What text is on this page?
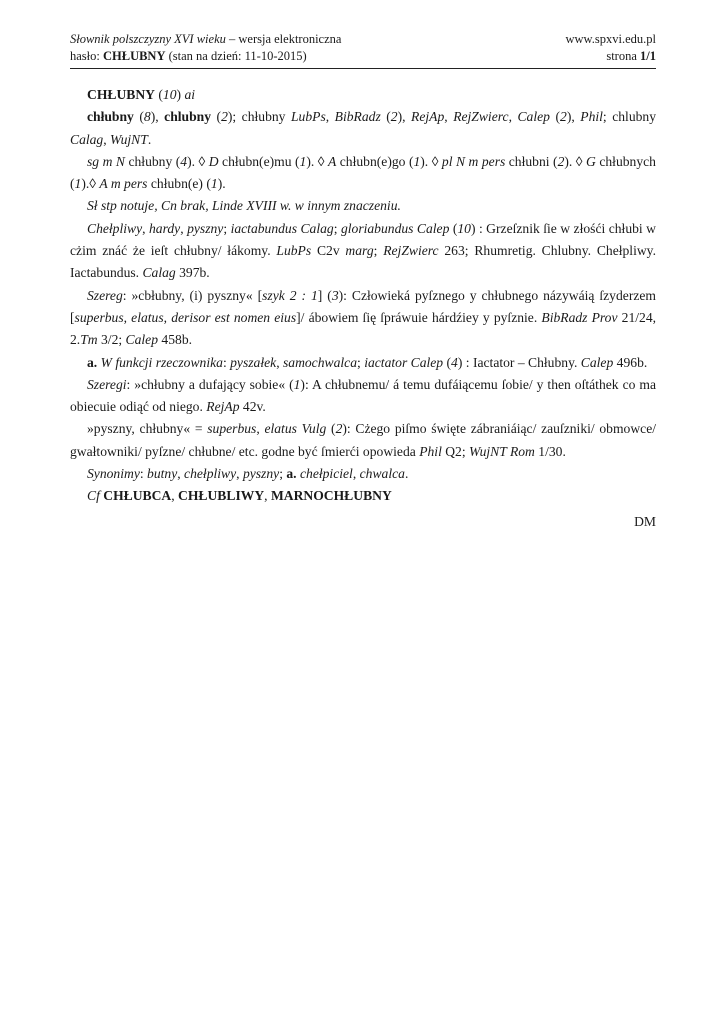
Słownik polszczyzny XVI wieku – wersja elektroniczna	www.spxvi.edu.pl
hasło: CHŁUBNY (stan na dzień: 11-10-2015)	strona 1/1

CHŁUBNY (10) ai

chłubny (8), chlubny (2); chłubny LubPs, BibRadz (2), RejAp, RejZwierc, Calep (2), Phil; chlubny Calag, WujNT.

sg m N chłubny (4). ◊ D chłubn(e)mu (1). ◊ A chłubn(e)go (1). ◊ pl N m pers chłubni (2). ◊ G chłubnych (1).◊ A m pers chłubn(e) (1).

Sł stp notuje, Cn brak, Linde XVIII w. w innym znaczeniu.

Chełpliwy, hardy, pyszny; iactabundus Calag; gloriabundus Calep (10) : Grzeſznik ſie w złośći chłubi w cżim znáć że ieſt chłubny/ łákomy. LubPs C2v marg; RejZwierc 263; Rhumretig. Chlubny. Chełpliwy. Iactabundus. Calag 397b.

Szereg: »cbłubny, (i) pyszny« [szyk 2 : 1] (3): Człowieká pyſznego y chłubnego názywáią ſzyderzem [superbus, elatus, derisor est nomen eius]/ ábowiem ſię ſpráwuie hárdźiey y pyſznie. BibRadz Prov 21/24, 2.Tm 3/2; Calep 458b.

a. W funkcji rzeczownika: pyszałek, samochwalca; iactator Calep (4) : Iactator – Chłubny. Calep 496b.

Szeregi: »chłubny a dufający sobie« (1): A chłubnemu/ á temu dufáiącemu ſobie/ y then oſtáthek co ma obiecuie odiąć od niego. RejAp 42v.

»pyszny, chłubny« = superbus, elatus Vulg (2): Cżego piſmo święte zábraniáiąc/ zauſzniki/ obmowce/ gwałtowniki/ pyſzne/ chłubne/ etc. godne być ſmierći opowieda Phil Q2; WujNT Rom 1/30.

Synonimy: butny, chełpliwy, pyszny; a. chełpiciel, chwalca.

Cf CHŁUBCA, CHŁUBLIWY, MARNOCHŁUBNY

DM
